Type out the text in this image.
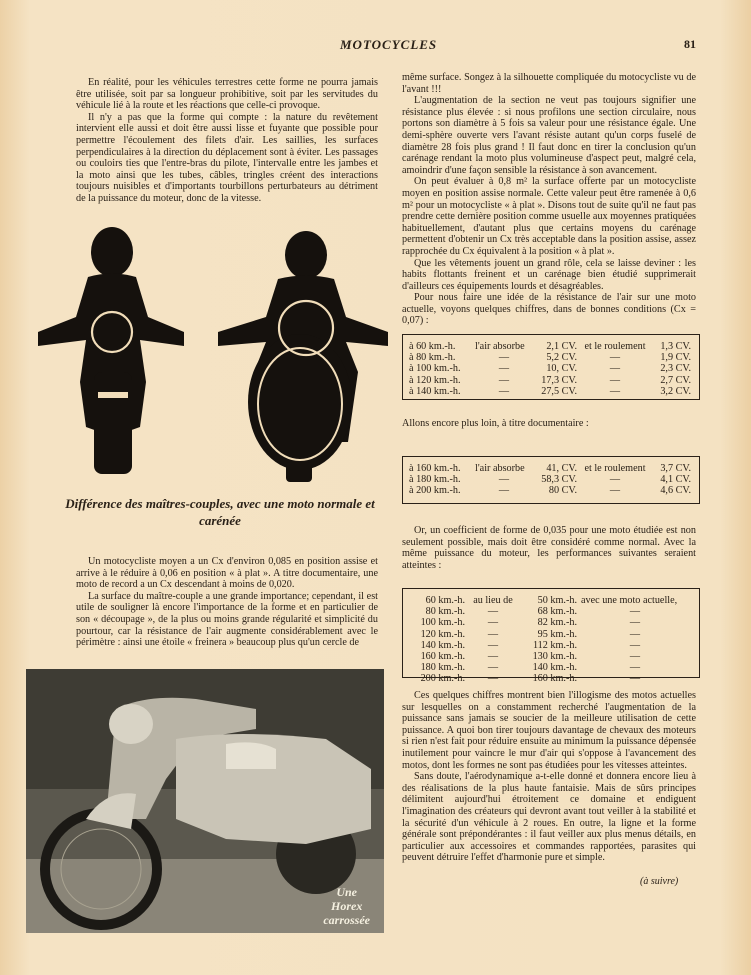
MOTOCYCLES	81

En réalité, pour les véhicules terrestres cette forme ne pourra jamais être utilisée, soit par sa longueur prohibitive, soit par les servitudes du véhicule lié à la route et les réactions que celle-ci provoque.

Il n'y a pas que la forme qui compte : la nature du revêtement intervient elle aussi et doit être aussi lisse et fuyante que possible pour permettre l'écoulement des filets d'air. Les saillies, les surfaces perpendiculaires à la direction du déplacement sont à éviter. Les passages ou couloirs ties que l'entre-bras du pilote, l'intervalle entre les jambes et la moto ainsi que les tubes, câbles, tringles créent des interactions toujours nuisibles et d'importants tourbillons perturbateurs au détriment de la puissance du moteur, donc de la vitesse.

Différence des maîtres-couples, avec une moto normale et carénée

Un motocycliste moyen a un Cx d'environ 0,085 en position assise et arrive à le réduire à 0,06 en position « à plat ». A titre documentaire, une moto de record a un Cx descendant à moins de 0,020.

La surface du maître-couple a une grande importance; cependant, il est utile de souligner là encore l'importance de la forme et en particulier de son « découpage », de la plus ou moins grande régularité et simplicité du pourtour, car la résistance de l'air augmente considérablement avec le périmètre : ainsi une étoile « freinera » beaucoup plus qu'un cercle de

Une
Horex
carrossée

même surface. Songez à la silhouette compliquée du motocycliste vu de l'avant !!!

L'augmentation de la section ne veut pas toujours signifier une résistance plus élevée : si nous profilons une section circulaire, nous portons son diamètre à 5 fois sa valeur pour une résistance égale. Une demi-sphère ouverte vers l'avant résiste autant qu'un corps fuselé de diamètre 28 fois plus grand ! Il faut donc en tirer la conclusion qu'un carénage rendant la moto plus volumineuse d'aspect peut, malgré cela, amoindrir d'une façon sensible la résistance à son avancement.

On peut évaluer à 0,8 m² la surface offerte par un motocycliste moyen en position assise normale. Cette valeur peut être ramenée à 0,6 m² pour un motocycliste « à plat ». Disons tout de suite qu'il ne faut pas prendre cette dernière position comme usuelle aux moyennes pratiquées habituellement, d'autant plus que certains moyens du carénage permettent d'obtenir un Cx très acceptable dans la position assise, assez rapprochée du Cx équivalent à la position « à plat ».

Que les vêtements jouent un grand rôle, cela se laisse deviner : les habits flottants freinent et un carénage bien étudié supprimerait d'ailleurs ces équipements lourds et désagréables.

Pour nous faire une idée de la résistance de l'air sur une moto actuelle, voyons quelques chiffres, dans de bonnes conditions (Cx = 0,07) :

à 60 km.-h.	l'air absorbe	2,1 CV. et le roulement	1,3 CV.
à 80 km.-h.	—	5,2 CV.	—	1,9 CV.
à 100 km.-h.	—	10, CV.	—	2,3 CV.
à 120 km.-h.	—	17,3 CV.	—	2,7 CV.
à 140 km.-h.	—	27,5 CV.	—	3,2 CV.
Allons encore plus loin, à titre documentaire :
à 160 km.-h.	l'air absorbe	41, CV. et le roulement	3,7 CV.
à 180 km.-h.	—	58,3 CV.	—	4,1 CV.
à 200 km.-h.	—	80 CV.	—	4,6 CV.

Or, un coefficient de forme de 0,035 pour une moto étudiée est non seulement possible, mais doit être considéré comme normal. Avec la même puissance du moteur, les performances suivantes seraient atteintes :

60 km.-h. au lieu de	50 km.-h. avec une moto actuelle,
80 km.-h.	—	68 km.-h.	—
100 km.-h.	—	82 km.-h.	—
120 km.-h.	—	95 km.-h.	—
140 km.-h.	—	112 km.-h.	—
160 km.-h.	—	130 km.-h.	—
180 km.-h.	—	140 km.-h.	—
200 km.-h.	—	160 km.-h.	—

Ces quelques chiffres montrent bien l'illogisme des motos actuelles sur lesquelles on a constamment recherché l'augmentation de la puissance sans jamais se soucier de la meilleure utilisation de cette puissance. A quoi bon tirer toujours davantage de chevaux des moteurs si rien n'est fait pour réduire ensuite au minimum la puissance dépensée inutilement pour vaincre le mur d'air qui s'oppose à l'avancement des motos, dont les formes ne sont pas étudiées pour les vitesses atteintes.

Sans doute, l'aérodynamique a-t-elle donné et donnera encore lieu à des réalisations de la plus haute fantaisie. Mais de sûrs principes délimitent aujourd'hui étroitement ce domaine et endiguent l'imagination des créateurs qui devront avant tout veiller à la stabilité et la sécurité d'un véhicule à 2 roues. En outre, la ligne et la forme générale sont prépondérantes : il faut veiller aux plus menus détails, en particulier aux accessoires et commandes rapportées, parasites qui peuvent détruire l'effet d'harmonie pure et simple.

(à suivre)
